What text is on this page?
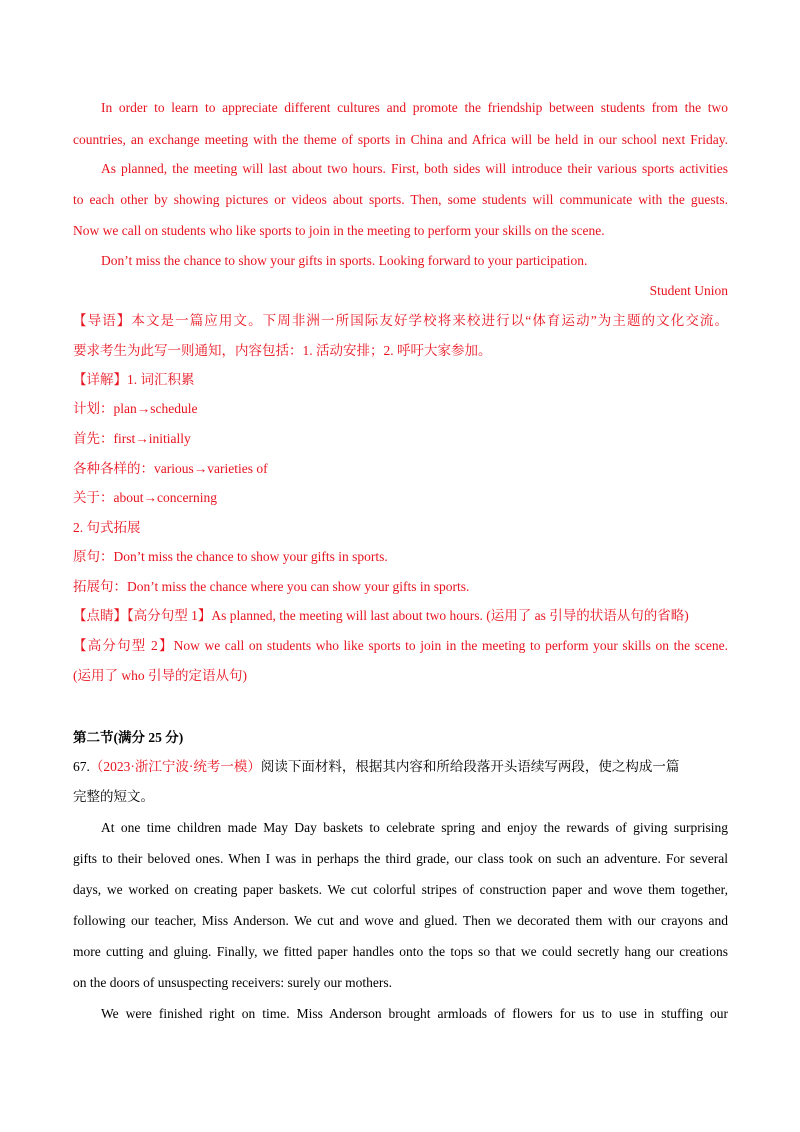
In order to learn to appreciate different cultures and promote the friendship between students from the two
countries, an exchange meeting with the theme of sports in China and Africa will be held in our school next Friday.
As planned, the meeting will last about two hours. First, both sides will introduce their various sports activities
to each other by showing pictures or videos about sports. Then, some students will communicate with the guests.
Now we call on students who like sports to join in the meeting to perform your skills on the scene.
Don’t miss the chance to show your gifts in sports. Looking forward to your participation.
Student Union
【导语】本文是一篇应用文。下周非洲一所国际友好学校将来校进行以“体育运动”为主题的文化交流。
要求考生为此写一则通知，内容包括：1. 活动安排；2. 呼吁大家参加。
【详解】1. 词汇积累
计划：plan→schedule
首先：first→initially
各种各样的：various→varieties of
关于：about→concerning
2. 句式拓展
原句：Don’t miss the chance to show your gifts in sports.
拓展句：Don’t miss the chance where you can show your gifts in sports.
【点睛】【高分句型 1】As planned, the meeting will last about two hours. (运用了 as 引导的状语从句的省略)
【高分句型 2】Now we call on students who like sports to join in the meeting to perform your skills on the scene.
(运用了 who 引导的定语从句)
第二节(满分 25 分)
67.（2023·浙江宁波·统考一模）阅读下面材料，根据其内容和所给段落开头语续写两段，使之构成一篇
完整的短文。
At one time children made May Day baskets to celebrate spring and enjoy the rewards of giving surprising
gifts to their beloved ones. When I was in perhaps the third grade, our class took on such an adventure. For several
days, we worked on creating paper baskets. We cut colorful stripes of construction paper and wove them together,
following our teacher, Miss Anderson. We cut and wove and glued. Then we decorated them with our crayons and
more cutting and gluing. Finally, we fitted paper handles onto the tops so that we could secretly hang our creations
on the doors of unsuspecting receivers: surely our mothers.
We were finished right on time. Miss Anderson brought armloads of flowers for us to use in stuffing our
